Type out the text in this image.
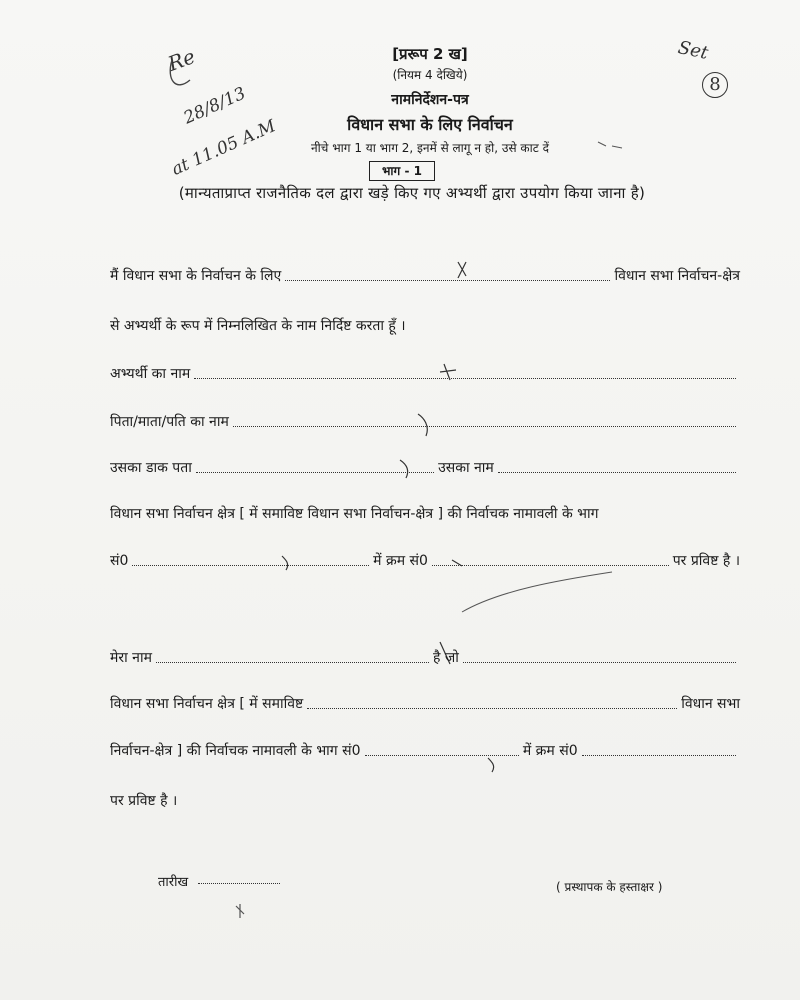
[प्ररूप 2 ख]
(नियम 4 देखिये)
नामनिर्देशन-पत्र
विधान सभा के लिए निर्वाचन
नीचे भाग 1 या भाग 2, इनमें से लागू न हो, उसे काट दें
भाग - 1
(मान्यताप्राप्त राजनैतिक दल द्वारा खड़े किए गए अभ्यर्थी द्वारा उपयोग किया जाना है)
Re
28/8/13
at 11.05 A.M
Set
8
मैं विधान सभा के निर्वाचन के लिए	विधान सभा निर्वाचन-क्षेत्र
से अभ्यर्थी के रूप में निम्नलिखित के नाम निर्दिष्ट करता हूँ ।
अभ्यर्थी का नाम
पिता/माता/पति का नाम
उसका डाक पता	उसका नाम
विधान सभा निर्वाचन क्षेत्र [ में समाविष्ट विधान सभा निर्वाचन-क्षेत्र ] की निर्वाचक नामावली के भाग
सं0	में क्रम सं0	पर प्रविष्ट है ।
मेरा नाम	है जो
विधान सभा निर्वाचन क्षेत्र [ में समाविष्ट	विधान सभा
निर्वाचन-क्षेत्र ] की निर्वाचक नामावली के भाग सं0	में क्रम सं0
पर प्रविष्ट है ।
तारीख	( प्रस्थापक के हस्ताक्षर )
